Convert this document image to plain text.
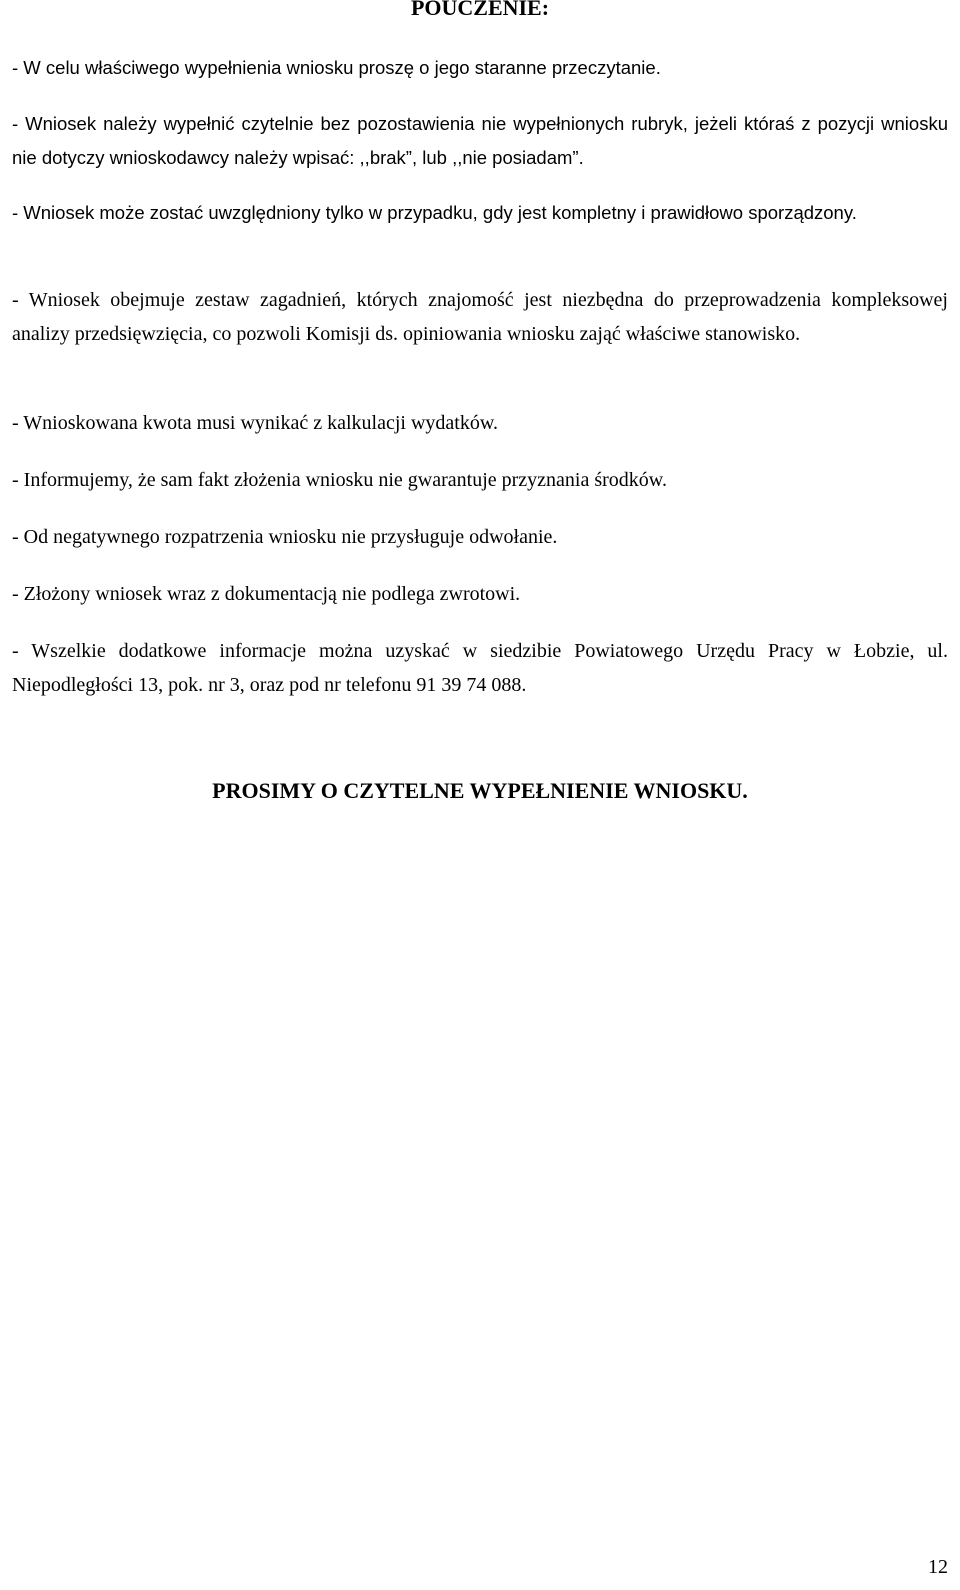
POUCZENIE:

- W celu właściwego wypełnienia wniosku proszę o jego staranne przeczytanie.

- Wniosek należy wypełnić czytelnie bez pozostawienia nie wypełnionych rubryk, jeżeli któraś z pozycji wniosku nie dotyczy wnioskodawcy należy wpisać: ,,brak”, lub ,,nie posiadam”.

- Wniosek może zostać uwzględniony tylko w przypadku, gdy jest kompletny i prawidłowo sporządzony.

- Wniosek obejmuje zestaw zagadnień, których znajomość jest niezbędna do przeprowadzenia kompleksowej analizy przedsięwzięcia, co pozwoli Komisji ds. opiniowania wniosku zająć właściwe stanowisko.

- Wnioskowana kwota musi wynikać z kalkulacji wydatków.

- Informujemy, że sam fakt złożenia wniosku nie gwarantuje przyznania środków.

- Od negatywnego rozpatrzenia wniosku nie przysługuje odwołanie.

- Złożony wniosek wraz z dokumentacją nie podlega zwrotowi.

- Wszelkie dodatkowe informacje można uzyskać w siedzibie Powiatowego Urzędu Pracy w Łobzie, ul. Niepodległości 13, pok. nr 3, oraz pod nr telefonu 91 39 74 088.

PROSIMY O CZYTELNE WYPEŁNIENIE WNIOSKU.

12
